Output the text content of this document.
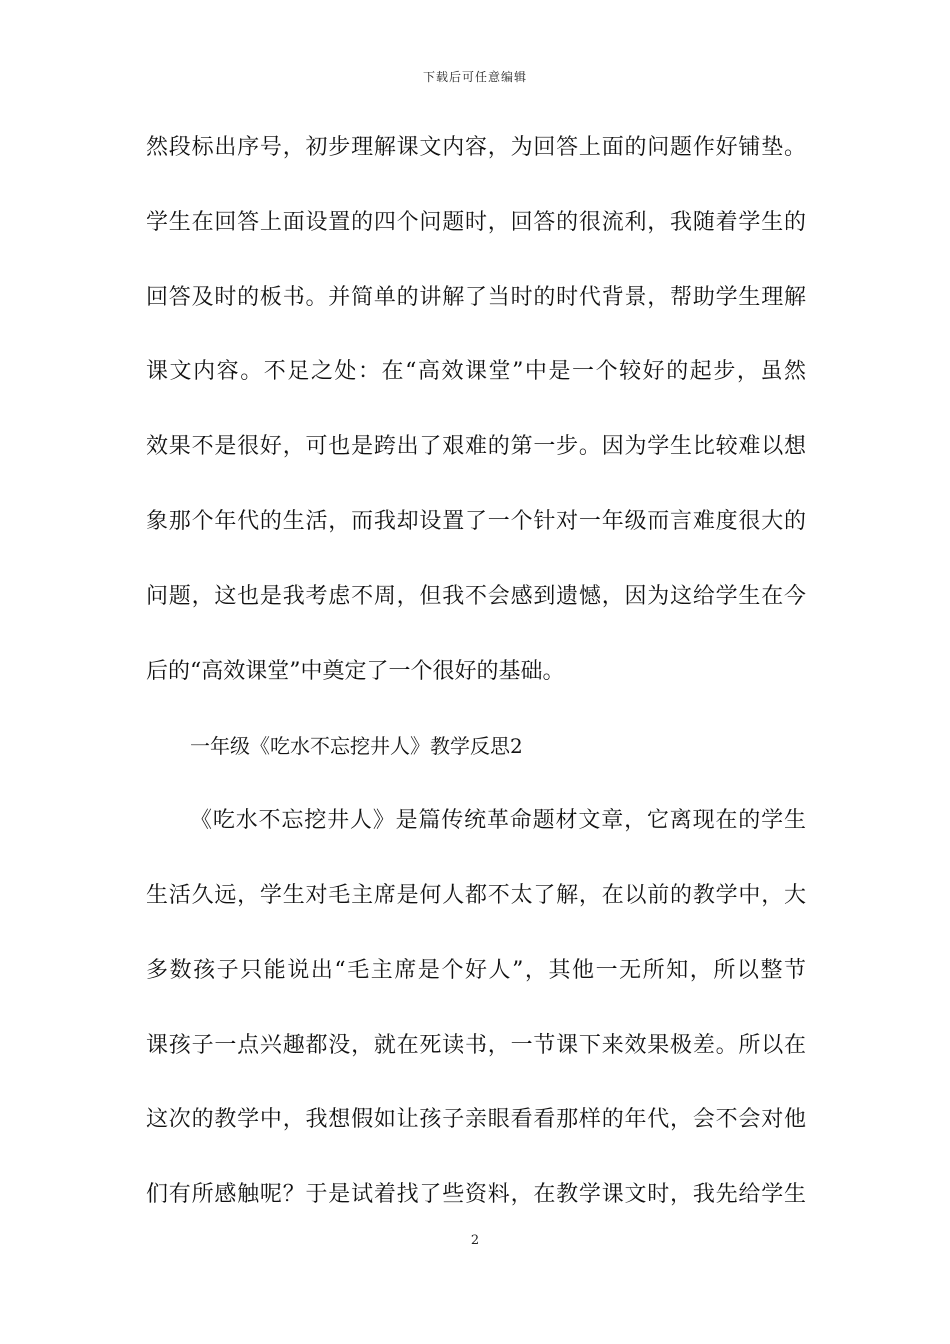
下载后可任意编辑
然段标出序号，初步理解课文内容，为回答上面的问题作好铺垫。
学生在回答上面设置的四个问题时，回答的很流利，我随着学生的
回答及时的板书。并简单的讲解了当时的时代背景，帮助学生理解
课文内容。不足之处：在“高效课堂”中是一个较好的起步，虽然
效果不是很好，可也是跨出了艰难的第一步。因为学生比较难以想
象那个年代的生活，而我却设置了一个针对一年级而言难度很大的
问题，这也是我考虑不周，但我不会感到遗憾，因为这给学生在今
后的“高效课堂”中奠定了一个很好的基础。
一年级《吃水不忘挖井人》教学反思2
《吃水不忘挖井人》是篇传统革命题材文章，它离现在的学生
生活久远，学生对毛主席是何人都不太了解，在以前的教学中，大
多数孩子只能说出“毛主席是个好人”，其他一无所知，所以整节
课孩子一点兴趣都没，就在死读书，一节课下来效果极差。所以在
这次的教学中，我想假如让孩子亲眼看看那样的年代，会不会对他
们有所感触呢？于是试着找了些资料，在教学课文时，我先给学生
2
